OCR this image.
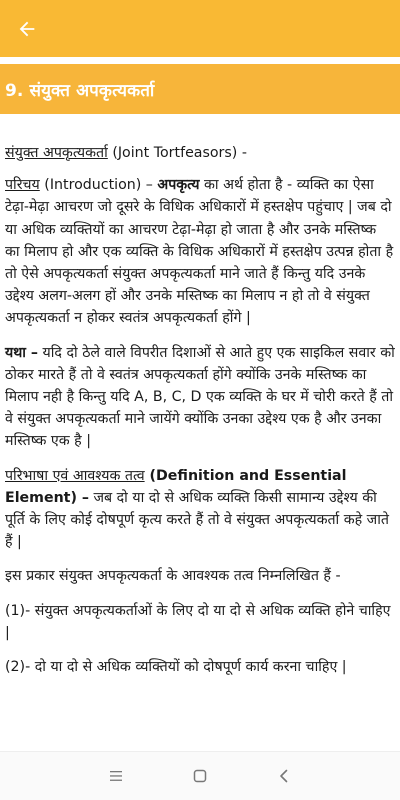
9. संयुक्त अपकृत्यकर्ता

संयुक्त अपकृत्यकर्ता (Joint Tortfeasors) -

परिचय (Introduction) – अपकृत्य का अर्थ होता है - व्यक्ति का ऐसा टेढ़ा-मेढ़ा आचरण जो दूसरे के विधिक अधिकारों में हस्तक्षेप पहुंचाए | जब दो या अधिक व्यक्तियों का आचरण टेढ़ा-मेढ़ा हो जाता है और उनके मस्तिष्क का मिलाप हो और एक व्यक्ति के विधिक अधिकारों में हस्तक्षेप उत्पन्न होता है तो ऐसे अपकृत्यकर्ता संयुक्त अपकृत्यकर्ता माने जाते हैं किन्तु यदि उनके उद्देश्य अलग-अलग हों और उनके मस्तिष्क का मिलाप न हो तो वे संयुक्त अपकृत्यकर्ता न होकर स्वतंत्र अपकृत्यकर्ता होंगे |

यथा – यदि दो ठेले वाले विपरीत दिशाओं से आते हुए एक साइकिल सवार को ठोकर मारते हैं तो वे स्वतंत्र अपकृत्यकर्ता होंगे क्योंकि उनके मस्तिष्क का मिलाप नही है किन्तु यदि A, B, C, D एक व्यक्ति के घर में चोरी करते हैं तो वे संयुक्त अपकृत्यकर्ता माने जायेंगे क्योंकि उनका उद्देश्य एक है और उनका मस्तिष्क एक है |

परिभाषा एवं आवश्यक तत्व (Definition and Essential Element) – जब दो या दो से अधिक व्यक्ति किसी सामान्य उद्देश्य की पूर्ति के लिए कोई दोषपूर्ण कृत्य करते हैं तो वे संयुक्त अपकृत्यकर्ता कहे जाते हैं |

इस प्रकार संयुक्त अपकृत्यकर्ता के आवश्यक तत्व निम्नलिखित हैं -

(1)- संयुक्त अपकृत्यकर्ताओं के लिए दो या दो से अधिक व्यक्ति होने चाहिए |

(2)- दो या दो से अधिक व्यक्तियों को दोषपूर्ण कार्य करना चाहिए |
